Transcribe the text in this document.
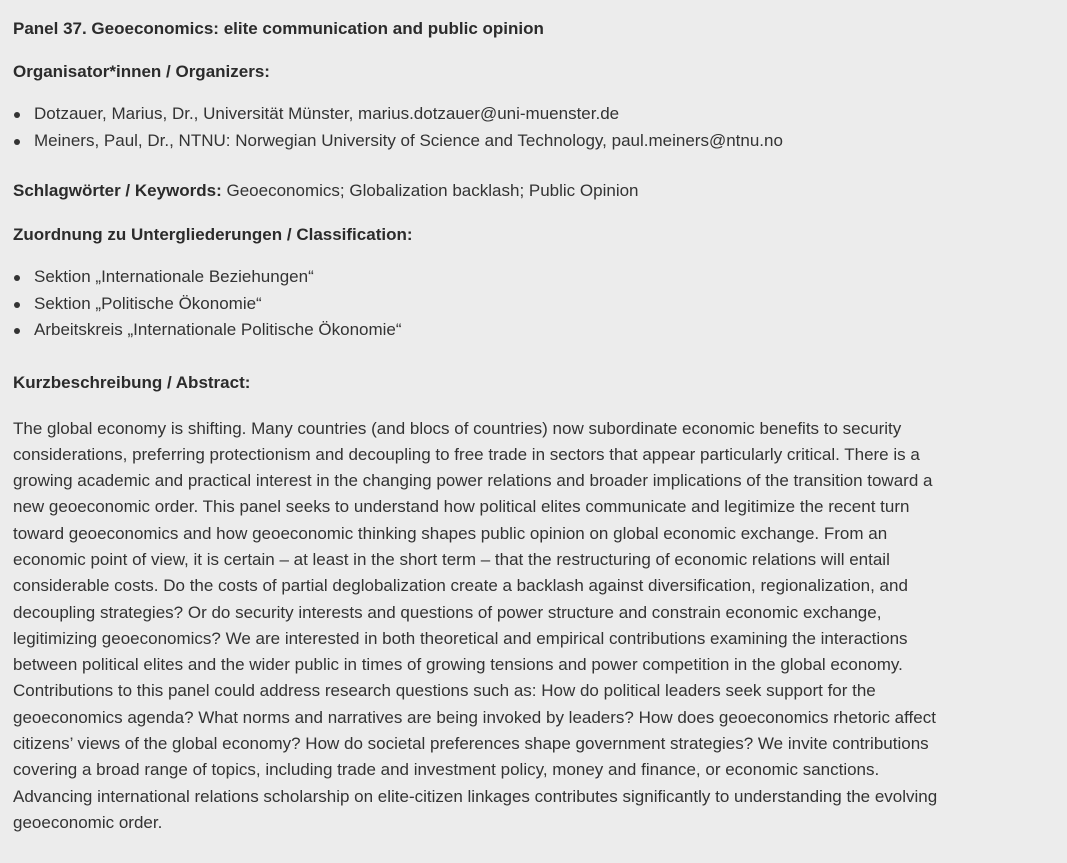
Panel 37. Geoeconomics: elite communication and public opinion
Organisator*innen / Organizers:
Dotzauer, Marius, Dr., Universität Münster, marius.dotzauer@uni-muenster.de
Meiners, Paul, Dr., NTNU: Norwegian University of Science and Technology, paul.meiners@ntnu.no

Schlagwörter / Keywords: Geoeconomics; Globalization backlash; Public Opinion

Zuordnung zu Untergliederungen / Classification:
Sektion „Internationale Beziehungen“
Sektion „Politische Ökonomie“
Arbeitskreis „Internationale Politische Ökonomie“
Kurzbeschreibung / Abstract:

The global economy is shifting. Many countries (and blocs of countries) now subordinate economic benefits to security considerations, preferring protectionism and decoupling to free trade in sectors that appear particularly critical. There is a growing academic and practical interest in the changing power relations and broader implications of the transition toward a new geoeconomic order. This panel seeks to understand how political elites communicate and legitimize the recent turn toward geoeconomics and how geoeconomic thinking shapes public opinion on global economic exchange. From an economic point of view, it is certain – at least in the short term – that the restructuring of economic relations will entail considerable costs. Do the costs of partial deglobalization create a backlash against diversification, regionalization, and decoupling strategies? Or do security interests and questions of power structure and constrain economic exchange, legitimizing geoeconomics? We are interested in both theoretical and empirical contributions examining the interactions between political elites and the wider public in times of growing tensions and power competition in the global economy. Contributions to this panel could address research questions such as: How do political leaders seek support for the geoeconomics agenda? What norms and narratives are being invoked by leaders? How does geoeconomics rhetoric affect citizens’ views of the global economy? How do societal preferences shape government strategies? We invite contributions covering a broad range of topics, including trade and investment policy, money and finance, or economic sanctions. Advancing international relations scholarship on elite-citizen linkages contributes significantly to understanding the evolving geoeconomic order.
